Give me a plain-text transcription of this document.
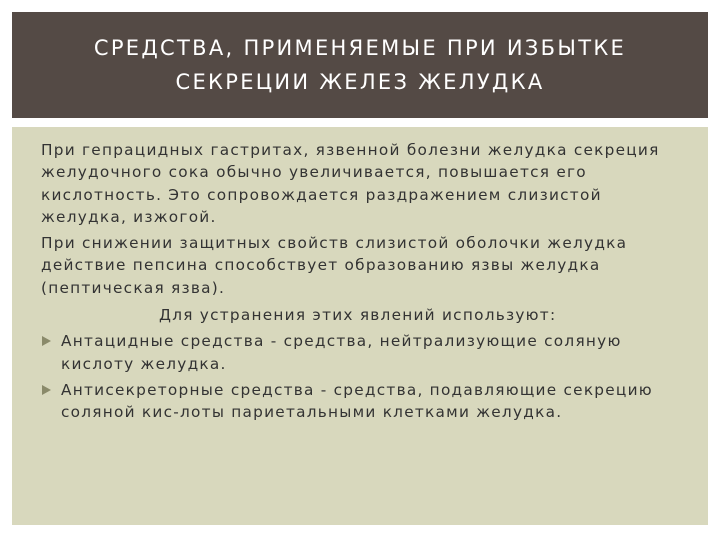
СРЕДСТВА, ПРИМЕНЯЕМЫЕ ПРИ ИЗБЫТКЕ
СЕКРЕЦИИ ЖЕЛЕЗ ЖЕЛУДКА

При гепрацидных гастритах, язвенной болезни желудка секреция желудочного сока обычно увеличивается, повышается его кислотность. Это сопровождается раздражением слизистой желудка, изжогой.

При снижении защитных свойств слизистой оболочки желудка действие пепсина способствует образованию язвы желудка (пептическая язва).

Для устранения этих явлений используют:

Антацидные средства - средства, нейтрализующие соляную кислоту желудка.
Антисекреторные средства - средства, подавляющие секрецию соляной кис-лоты париетальными клетками желудка.
